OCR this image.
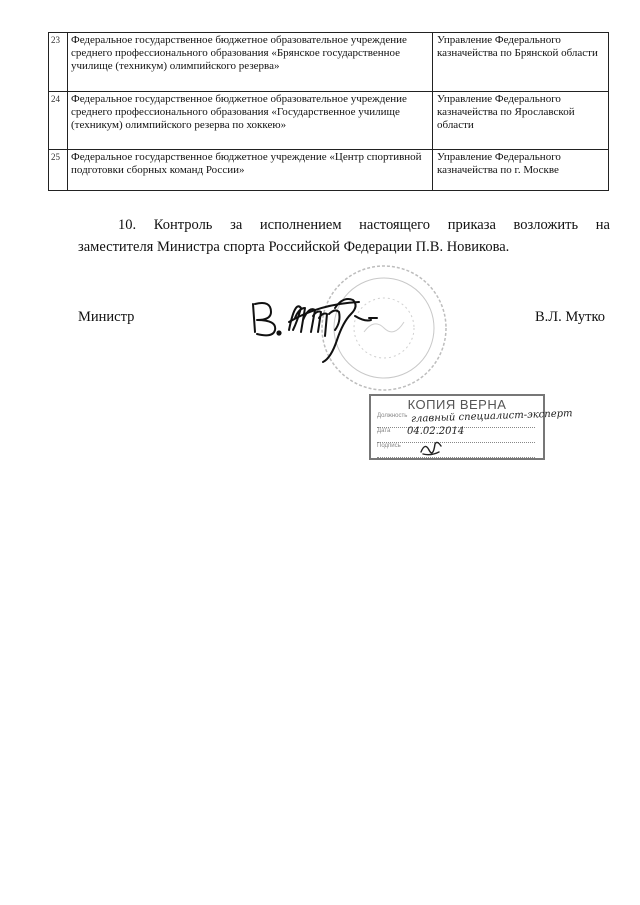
23	Федеральное государственное бюджетное образовательное учреждение среднего профессионального образования «Брянское государственное училище (техникум) олимпийского резерва»	Управление Федерального казначейства по Брянской области
24	Федеральное государственное бюджетное образовательное учреждение среднего профессионального образования «Государственное училище (техникум) олимпийского резерва по хоккею»	Управление Федерального казначейства по Ярославской области
25	Федеральное государственное бюджетное учреждение «Центр спортивной подготовки сборных команд России»	Управление Федерального казначейства по г. Москве
10. Контроль за исполнением настоящего приказа возложить на
заместителя Министра спорта Российской Федерации П.В. Новикова.
Министр	В.Л. Мутко
КОПИЯ ВЕРНА
Должность
Дата
Подпись
главный специалист-эксперт
04.02.2014
